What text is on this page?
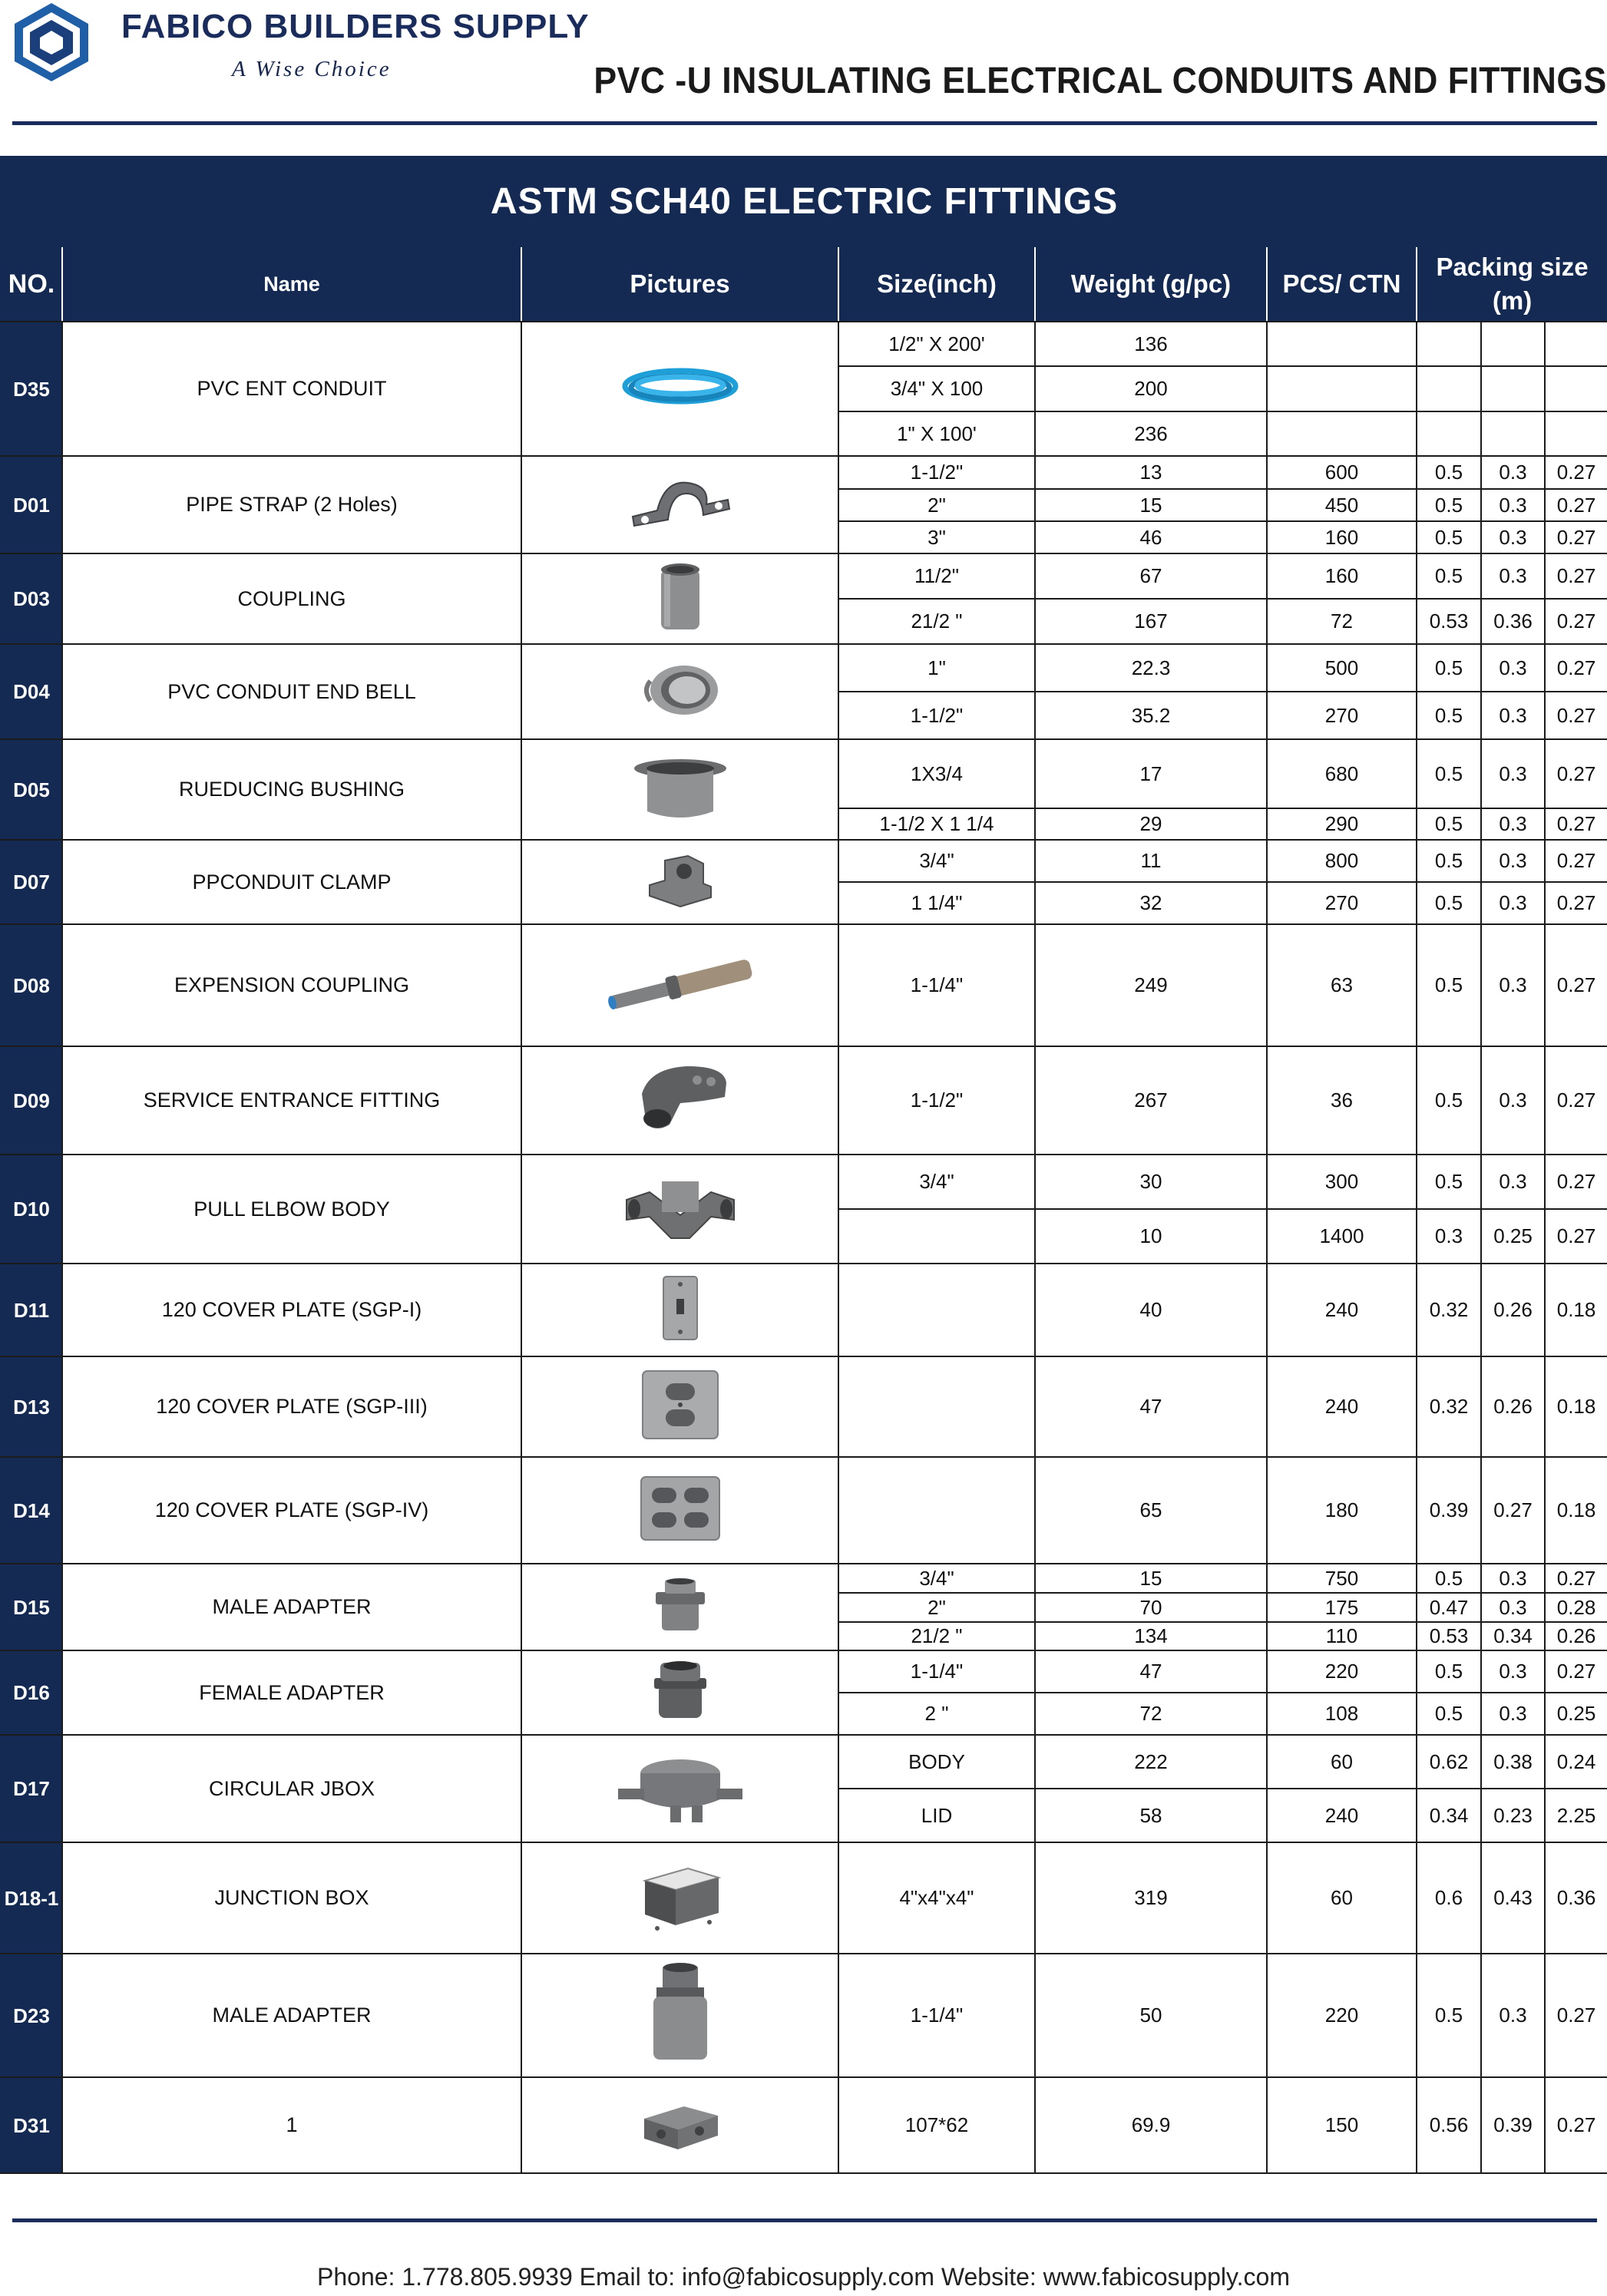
FABICO BUILDERS SUPPLY
A Wise Choice	PVC -U INSULATING ELECTRICAL CONDUITS AND FITTINGS
ASTM SCH40 ELECTRIC FITTINGS								
NO.	Name	Pictures	Size(inch)	Weight (g/pc)	PCS/ CTN	Packing size (m)		
D35	PVC ENT CONDUIT		1/2" X 200'	136				
			3/4" X 100	200				
			1" X 100'	236				
D01	PIPE STRAP (2 Holes)		1-1/2"	13	600	0.5	0.3	0.27
			2"	15	450	0.5	0.3	0.27
			3"	46	160	0.5	0.3	0.27
D03	COUPLING		11/2"	67	160	0.5	0.3	0.27
			21/2 "	167	72	0.53	0.36	0.27
D04	PVC CONDUIT END BELL		1"	22.3	500	0.5	0.3	0.27
			1-1/2"	35.2	270	0.5	0.3	0.27
D05	RUEDUCING BUSHING		1X3/4	17	680	0.5	0.3	0.27
			1-1/2 X 1 1/4	29	290	0.5	0.3	0.27
D07	PPCONDUIT CLAMP		3/4"	11	800	0.5	0.3	0.27
			1 1/4"	32	270	0.5	0.3	0.27
D08	EXPENSION COUPLING		1-1/4"	249	63	0.5	0.3	0.27
D09	SERVICE ENTRANCE FITTING		1-1/2"	267	36	0.5	0.3	0.27
D10	PULL ELBOW BODY		3/4"	30	300	0.5	0.3	0.27
				10	1400	0.3	0.25	0.27
D11	120 COVER PLATE (SGP-I)			40	240	0.32	0.26	0.18
D13	120 COVER PLATE (SGP-III)			47	240	0.32	0.26	0.18
D14	120 COVER PLATE (SGP-IV)			65	180	0.39	0.27	0.18
D15	MALE ADAPTER		3/4"	15	750	0.5	0.3	0.27
			2"	70	175	0.47	0.3	0.28
			21/2 "	134	110	0.53	0.34	0.26
D16	FEMALE ADAPTER		1-1/4"	47	220	0.5	0.3	0.27
			2 "	72	108	0.5	0.3	0.25
D17	CIRCULAR JBOX		BODY	222	60	0.62	0.38	0.24
			LID	58	240	0.34	0.23	2.25
D18-1	JUNCTION BOX		4"x4"x4"	319	60	0.6	0.43	0.36
D23	MALE ADAPTER		1-1/4"	50	220	0.5	0.3	0.27
D31	1		107*62	69.9	150	0.56	0.39	0.27
Phone: 1.778.805.9939 Email to: info@fabicosupply.com Website: www.fabicosupply.com
